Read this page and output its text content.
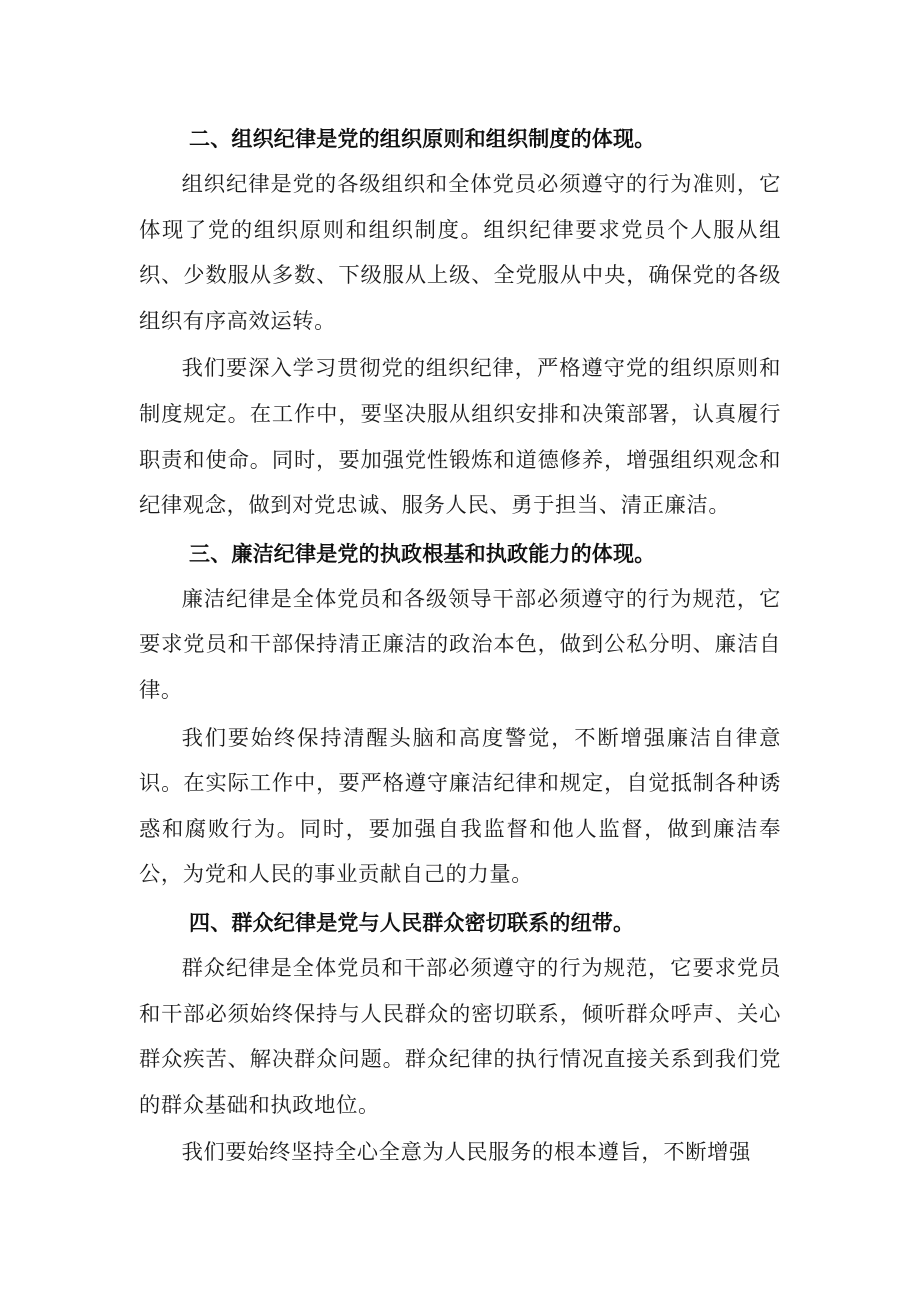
二、组织纪律是党的组织原则和组织制度的体现。

组织纪律是党的各级组织和全体党员必须遵守的行为准则，它体现了党的组织原则和组织制度。组织纪律要求党员个人服从组织、少数服从多数、下级服从上级、全党服从中央，确保党的各级组织有序高效运转。

我们要深入学习贯彻党的组织纪律，严格遵守党的组织原则和制度规定。在工作中，要坚决服从组织安排和决策部署，认真履行职责和使命。同时，要加强党性锻炼和道德修养，增强组织观念和纪律观念，做到对党忠诚、服务人民、勇于担当、清正廉洁。

三、廉洁纪律是党的执政根基和执政能力的体现。

廉洁纪律是全体党员和各级领导干部必须遵守的行为规范，它要求党员和干部保持清正廉洁的政治本色，做到公私分明、廉洁自律。

我们要始终保持清醒头脑和高度警觉，不断增强廉洁自律意识。在实际工作中，要严格遵守廉洁纪律和规定，自觉抵制各种诱惑和腐败行为。同时，要加强自我监督和他人监督，做到廉洁奉公，为党和人民的事业贡献自己的力量。

四、群众纪律是党与人民群众密切联系的纽带。

群众纪律是全体党员和干部必须遵守的行为规范，它要求党员和干部必须始终保持与人民群众的密切联系，倾听群众呼声、关心群众疾苦、解决群众问题。群众纪律的执行情况直接关系到我们党的群众基础和执政地位。

我们要始终坚持全心全意为人民服务的根本遵旨，不断增强
